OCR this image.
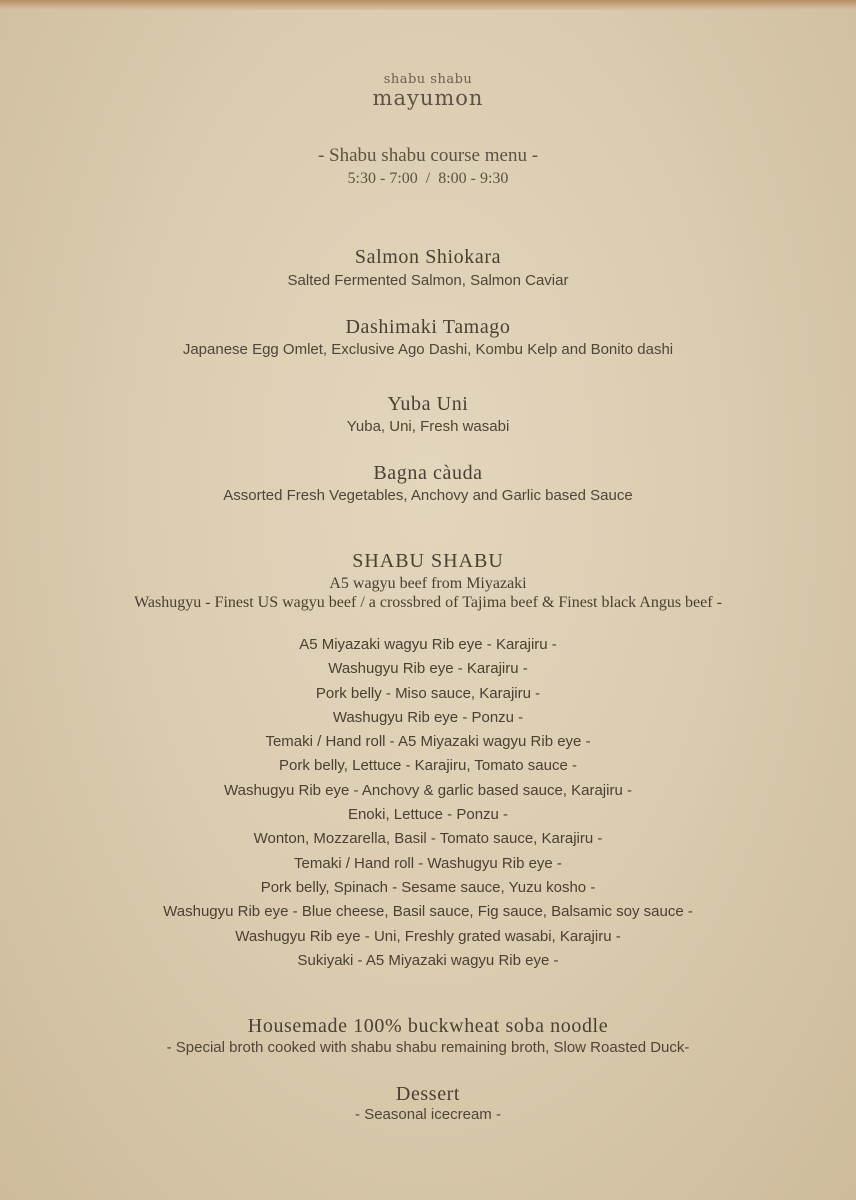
shabu shabu
mayumon
- Shabu shabu course menu -
5:30 - 7:00  /  8:00 - 9:30
Salmon Shiokara
Salted Fermented Salmon, Salmon Caviar
Dashimaki Tamago
Japanese Egg Omlet, Exclusive Ago Dashi, Kombu Kelp and Bonito dashi
Yuba Uni
Yuba, Uni, Fresh wasabi
Bagna càuda
Assorted Fresh Vegetables, Anchovy and Garlic based Sauce
SHABU SHABU
A5 wagyu beef from Miyazaki
Washugyu - Finest US wagyu beef / a crossbred of Tajima beef & Finest black Angus beef -
A5 Miyazaki wagyu Rib eye - Karajiru -
Washugyu Rib eye - Karajiru -
Pork belly - Miso sauce, Karajiru -
Washugyu Rib eye - Ponzu -
Temaki / Hand roll - A5 Miyazaki wagyu Rib eye -
Pork belly, Lettuce - Karajiru, Tomato sauce -
Washugyu Rib eye - Anchovy & garlic based sauce, Karajiru -
Enoki, Lettuce - Ponzu -
Wonton, Mozzarella, Basil - Tomato sauce, Karajiru -
Temaki / Hand roll - Washugyu Rib eye -
Pork belly, Spinach - Sesame sauce, Yuzu kosho -
Washugyu Rib eye - Blue cheese, Basil sauce, Fig sauce, Balsamic soy sauce -
Washugyu Rib eye - Uni, Freshly grated wasabi, Karajiru -
Sukiyaki - A5 Miyazaki wagyu Rib eye -
Housemade 100% buckwheat soba noodle
- Special broth cooked with shabu shabu remaining broth, Slow Roasted Duck-
Dessert
- Seasonal icecream -
